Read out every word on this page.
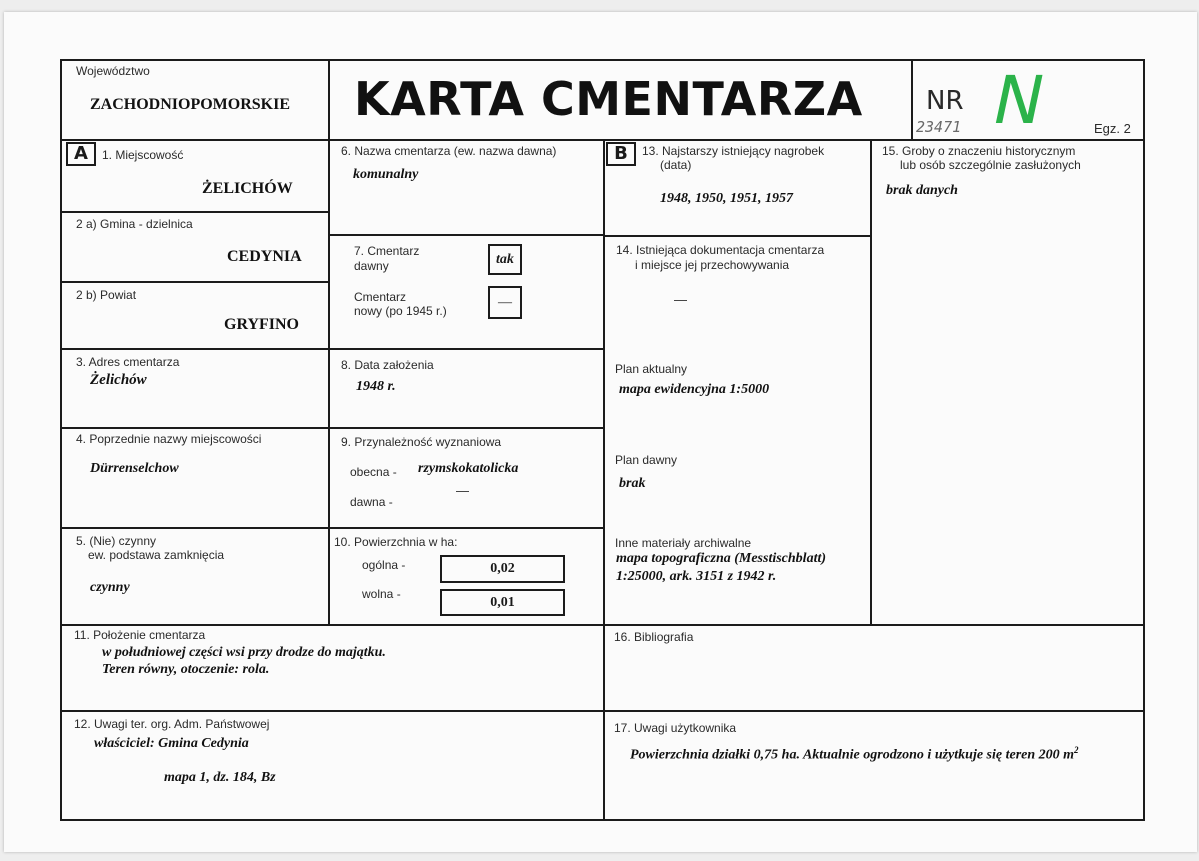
Województwo
ZACHODNIOPOMORSKIE KARTA CMENTARZA	NR N
23471	Egz. 2
A	1. Miejscowość
ŻELICHÓW
2 a) Gmina - dzielnica
CEDYNIA
2 b) Powiat
GRYFINO
3. Adres cmentarza
Żelichów
4. Poprzednie nazwy miejscowości
Dürrenselchow
5. (Nie) czynny
ew. podstawa zamknięcia
czynny
6. Nazwa cmentarza (ew. nazwa dawna)
komunalny
7. Cmentarz
dawny	tak
Cmentarz
nowy (po 1945 r.)
—
8. Data założenia
1948 r.
9. Przynależność wyznaniowa
obecna - rzymskokatolicka
dawna -
—
10. Powierzchnia w ha:
ogólna -	0,02
wolna -
0,01
B	13. Najstarszy istniejący nagrobek
(data)
1948, 1950, 1951, 1957
14. Istniejąca dokumentacja cmentarza
i miejsce jej przechowywania
—
Plan aktualny
mapa ewidencyjna 1:5000
Plan dawny
brak
Inne materiały archiwalne
mapa topograficzna (Messtischblatt)
1:25000, ark. 3151 z 1942 r.
15. Groby o znaczeniu historycznym
lub osób szczególnie zasłużonych
brak danych
11. Położenie cmentarza
w południowej części wsi przy drodze do majątku.
Teren równy, otoczenie: rola.
16. Bibliografia
12. Uwagi ter. org. Adm. Państwowej
właściciel: Gmina Cedynia
mapa 1, dz. 184, Bz
17. Uwagi użytkownika
Powierzchnia działki 0,75 ha. Aktualnie ogrodzono i użytkuje się teren 200 $m^2$
